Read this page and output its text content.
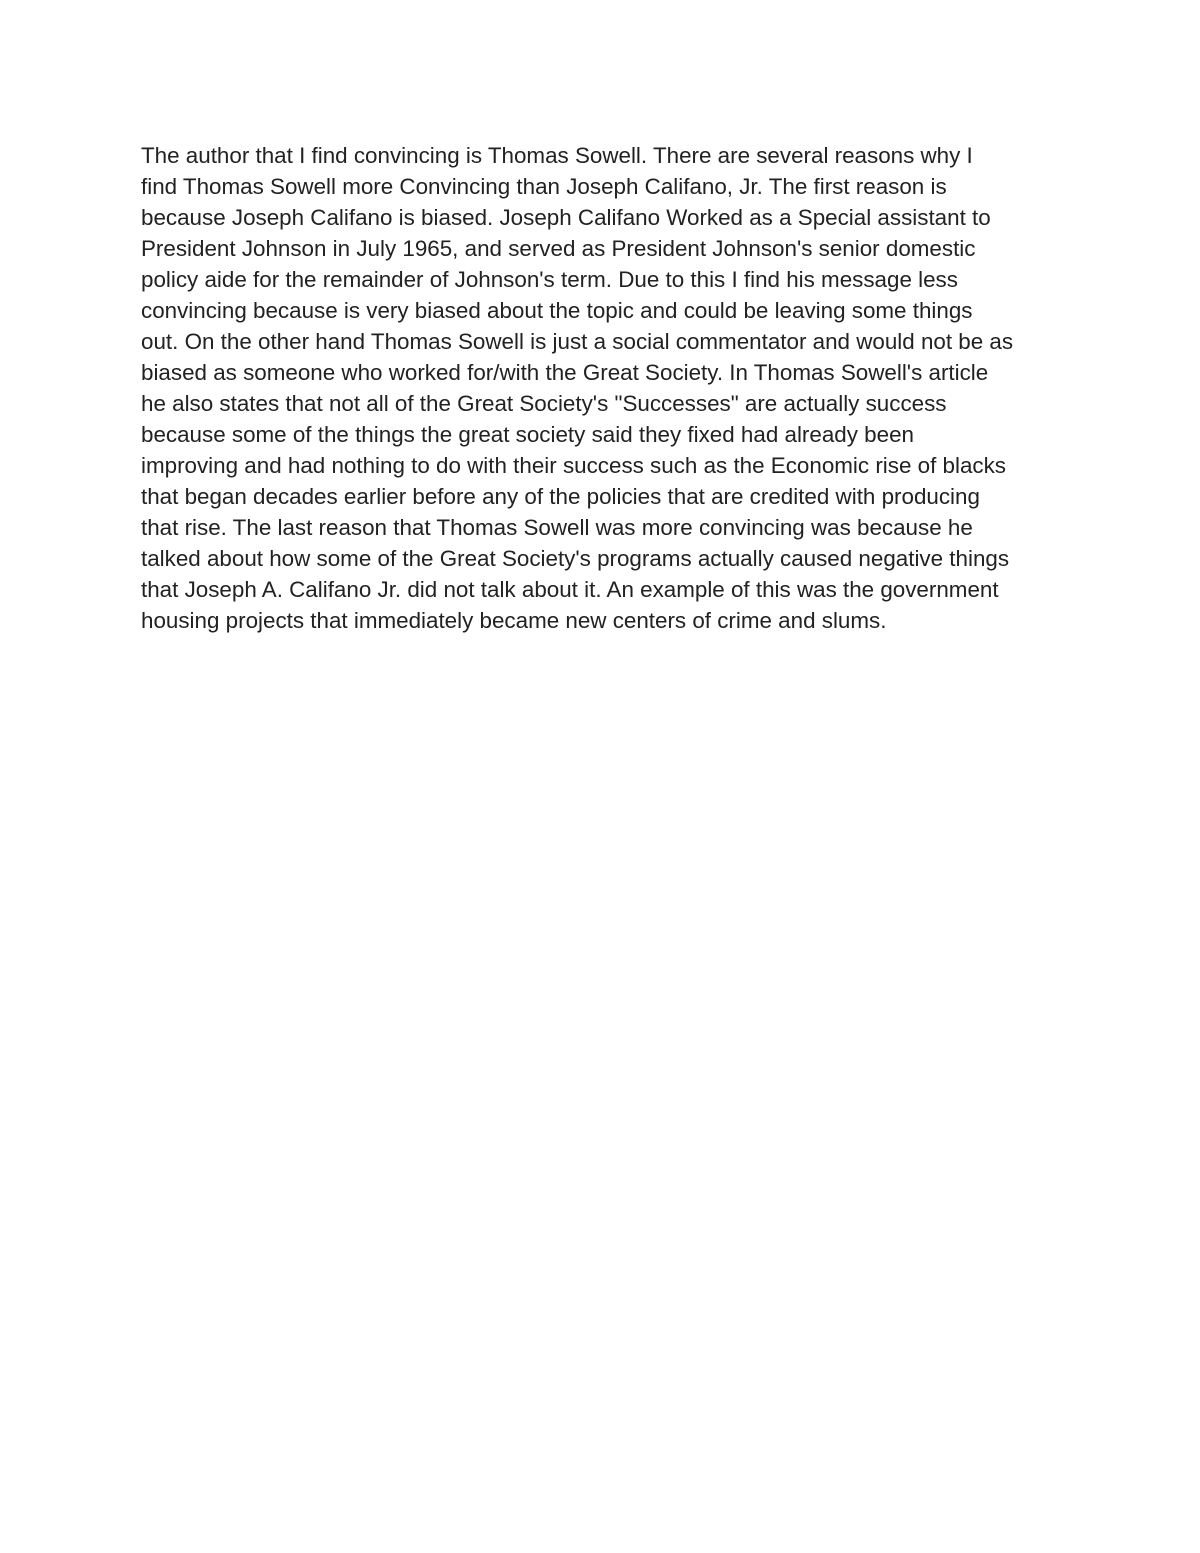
The author that I find convincing is Thomas Sowell. There are several reasons why I
find Thomas Sowell more Convincing than Joseph Califano, Jr. The first reason is
because Joseph Califano is biased. Joseph Califano Worked as a Special assistant to
President Johnson in July 1965, and served as President Johnson's senior domestic
policy aide for the remainder of Johnson's term. Due to this I find his message less
convincing because is very biased about the topic and could be leaving some things
out. On the other hand Thomas Sowell is just a social commentator and would not be as
biased as someone who worked for/with the Great Society. In Thomas Sowell's article
he also states that not all of the Great Society's "Successes" are actually success
because some of the things the great society said they fixed had already been
improving and had nothing to do with their success such as the Economic rise of blacks
that began decades earlier before any of the policies that are credited with producing
that rise. The last reason that Thomas Sowell was more convincing was because he
talked about how some of the Great Society's programs actually caused negative things
that Joseph A. Califano Jr. did not talk about it. An example of this was the government
housing projects that immediately became new centers of crime and slums.
